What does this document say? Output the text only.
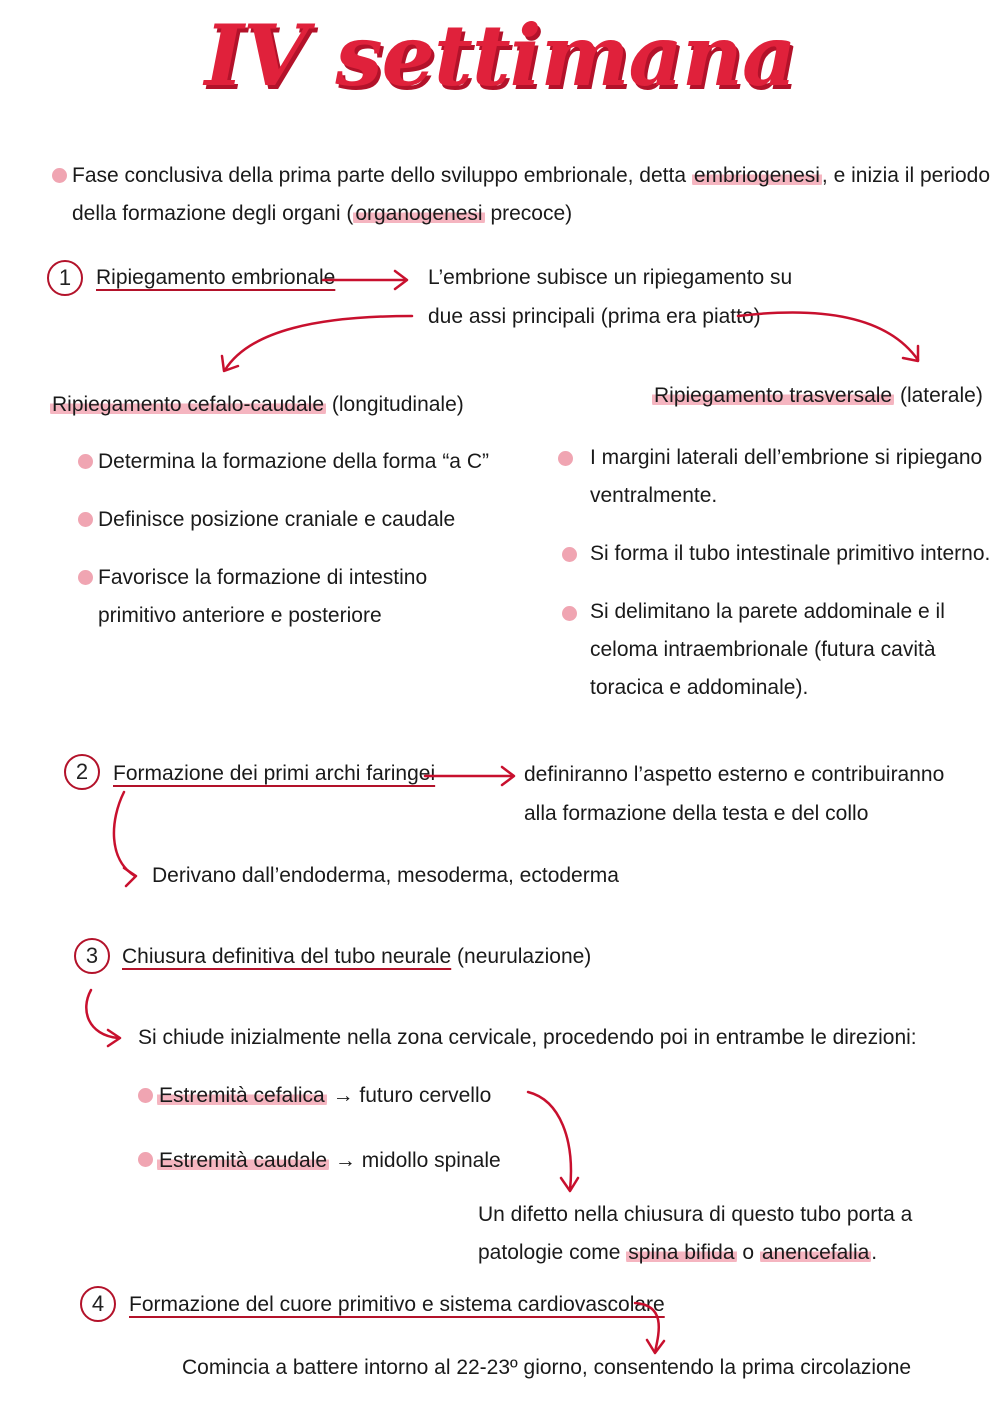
IV settimana
Fase conclusiva della prima parte dello sviluppo embrionale, detta embriogenesi, e inizia il periodo
della formazione degli organi (organogenesi precoce)
1	Ripiegamento embrionale	L’embrione subisce un ripiegamento su
due assi principali (prima era piatto)
Ripiegamento cefalo-caudale (longitudinale)
Determina la formazione della forma “a C”
Definisce posizione craniale e caudale
Favorisce la formazione di intestino
primitivo anteriore e posteriore
Ripiegamento trasversale (laterale)
I margini laterali dell’embrione si ripiegano
ventralmente.
Si forma il tubo intestinale primitivo interno.
Si delimitano la parete addominale e il
celoma intraembrionale (futura cavità
toracica e addominale).
2	Formazione dei primi archi faringei	definiranno l’aspetto esterno e contribuiranno
alla formazione della testa e del collo
Derivano dall’endoderma, mesoderma, ectoderma
3	Chiusura definitiva del tubo neurale (neurulazione)
Si chiude inizialmente nella zona cervicale, procedendo poi in entrambe le direzioni:
Estremità cefalica → futuro cervello
Estremità caudale → midollo spinale
Un difetto nella chiusura di questo tubo porta a
patologie come spina bifida o anencefalia.
4	Formazione del cuore primitivo e sistema cardiovascolare
Comincia a battere intorno al 22-23º giorno, consentendo la prima circolazione
